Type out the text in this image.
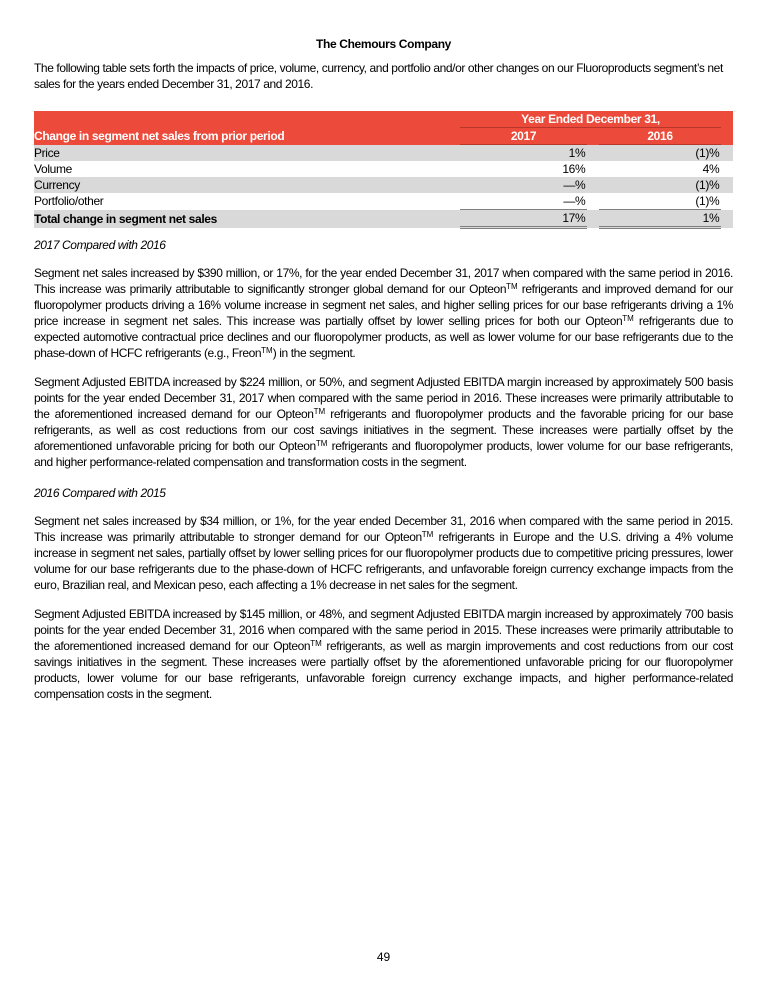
The Chemours Company

The following table sets forth the impacts of price, volume, currency, and portfolio and/or other changes on our Fluoroproducts segment’s net sales for the years ended December 31, 2017 and 2016.

	Year Ended December 31,					
Change in segment net sales from prior period	2017			2016		
Price	1	%		(1)	%	
Volume	16	%		4	%	
Currency	—	%		(1)	%	
Portfolio/other	—	%		(1)	%	
Total change in segment net sales	17	%		1	%	

2017 Compared with 2016

Segment net sales increased by $390 million, or 17%, for the year ended December 31, 2017 when compared with the same period in 2016. This increase was primarily attributable to significantly stronger global demand for our Opteon™ refrigerants and improved demand for our fluoropolymer products driving a 16% volume increase in segment net sales, and higher selling prices for our base refrigerants driving a 1% price increase in segment net sales. This increase was partially offset by lower selling prices for both our Opteon™ refrigerants due to expected automotive contractual price declines and our fluoropolymer products, as well as lower volume for our base refrigerants due to the phase-down of HCFC refrigerants (e.g., Freon™) in the segment.

Segment Adjusted EBITDA increased by $224 million, or 50%, and segment Adjusted EBITDA margin increased by approximately 500 basis points for the year ended December 31, 2017 when compared with the same period in 2016. These increases were primarily attributable to the aforementioned increased demand for our Opteon™ refrigerants and fluoropolymer products and the favorable pricing for our base refrigerants, as well as cost reductions from our cost savings initiatives in the segment. These increases were partially offset by the aforementioned unfavorable pricing for both our Opteon™ refrigerants and fluoropolymer products, lower volume for our base refrigerants, and higher performance-related compensation and transformation costs in the segment.

2016 Compared with 2015

Segment net sales increased by $34 million, or 1%, for the year ended December 31, 2016 when compared with the same period in 2015. This increase was primarily attributable to stronger demand for our Opteon™ refrigerants in Europe and the U.S. driving a 4% volume increase in segment net sales, partially offset by lower selling prices for our fluoropolymer products due to competitive pricing pressures, lower volume for our base refrigerants due to the phase-down of HCFC refrigerants, and unfavorable foreign currency exchange impacts from the euro, Brazilian real, and Mexican peso, each affecting a 1% decrease in net sales for the segment.

Segment Adjusted EBITDA increased by $145 million, or 48%, and segment Adjusted EBITDA margin increased by approximately 700 basis points for the year ended December 31, 2016 when compared with the same period in 2015. These increases were primarily attributable to the aforementioned increased demand for our Opteon™ refrigerants, as well as margin improvements and cost reductions from our cost savings initiatives in the segment. These increases were partially offset by the aforementioned unfavorable pricing for our fluoropolymer products, lower volume for our base refrigerants, unfavorable foreign currency exchange impacts, and higher performance-related compensation costs in the segment.

49
